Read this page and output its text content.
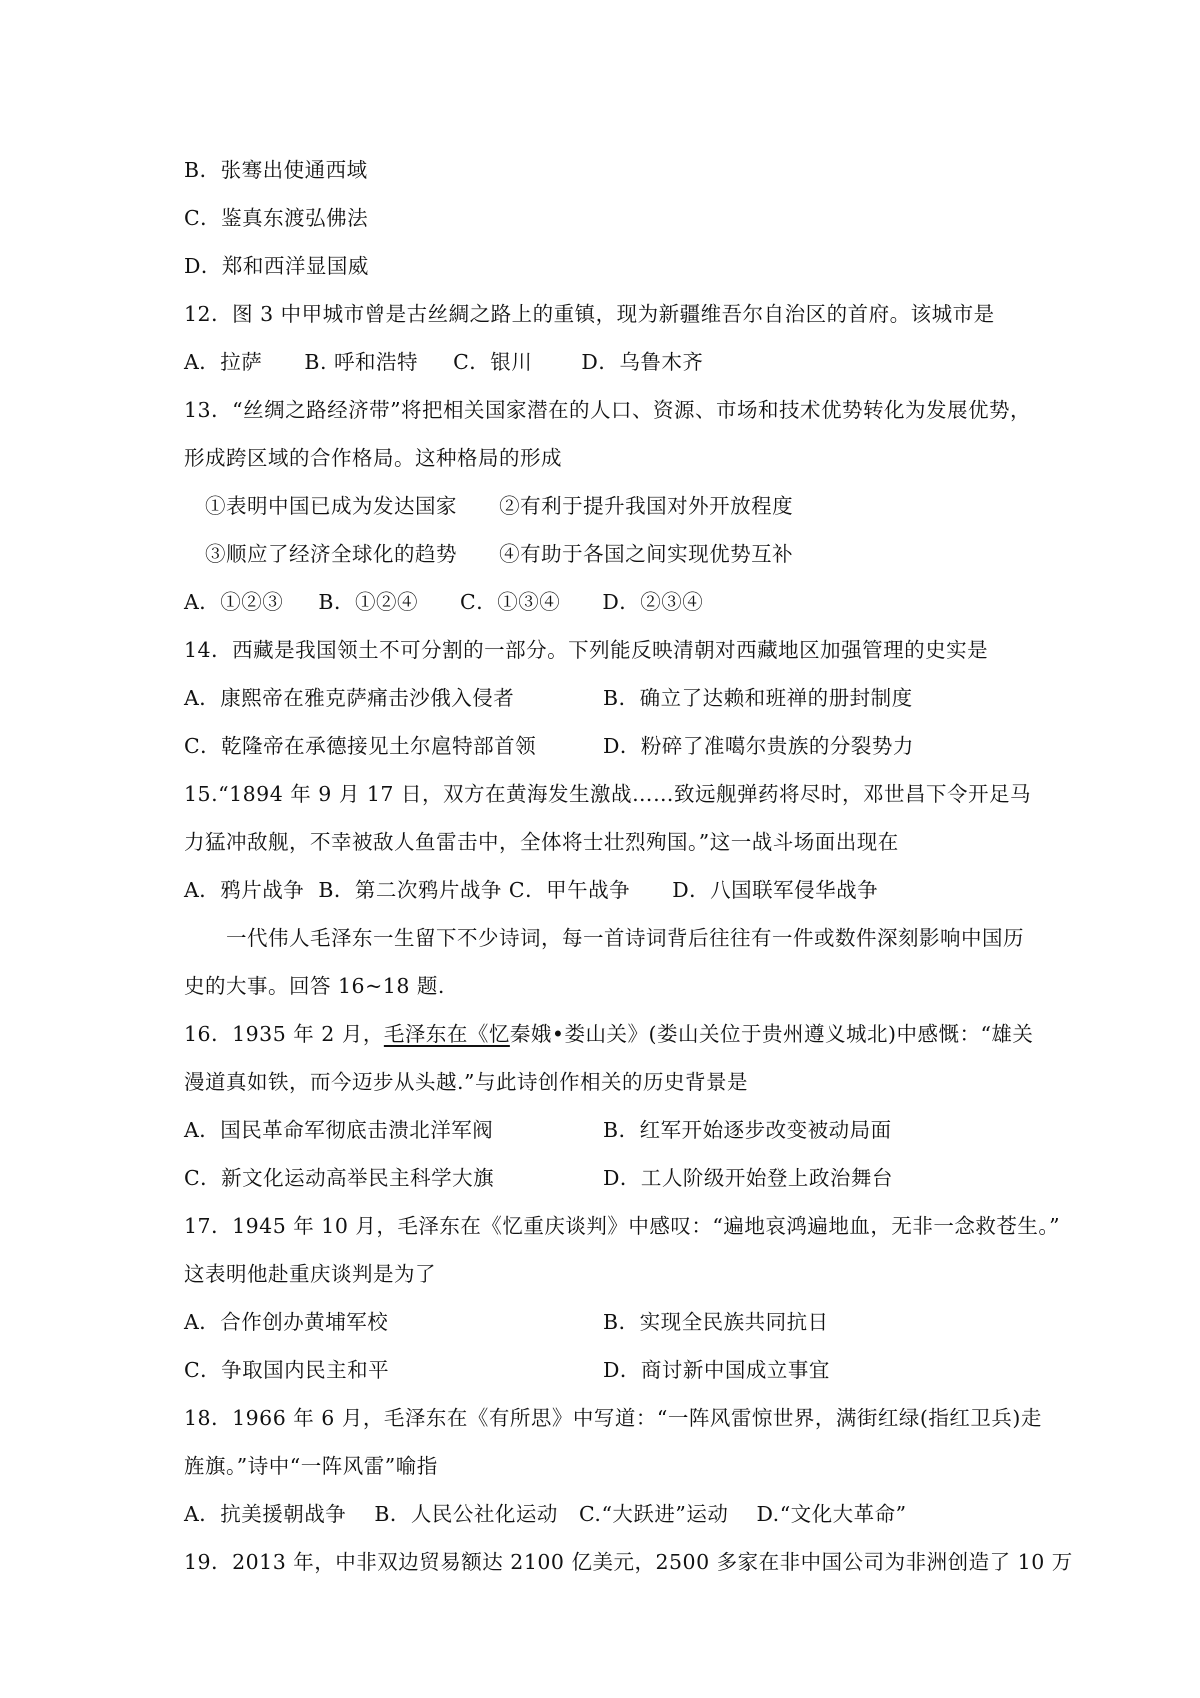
B．张骞出使通西域
C．鉴真东渡弘佛法
D．郑和西洋显国威
12．图 3 中甲城市曾是古丝綢之路上的重镇，现为新疆维吾尔自治区的首府。该城市是
A．拉萨      B. 呼和浩特     C．银川       D．乌鲁木齐
13．“丝绸之路经济带”将把相关国家潜在的人口、资源、市场和技术优势转化为发展优势，
形成跨区域的合作格局。这种格局的形成
①表明中国已成为发达国家      ②有利于提升我国对外开放程度
③顺应了经济全球化的趋势      ④有助于各国之间实现优势互补
A．①②③     B．①②④      C．①③④      D．②③④
14．西藏是我国领土不可分割的一部分。下列能反映清朝对西藏地区加强管理的史实是
A．康熙帝在雅克萨痛击沙俄入侵者	B．确立了达赖和班禅的册封制度
C．乾隆帝在承德接见土尔扈特部首领	D．粉碎了准噶尔贵族的分裂势力
15.“1894 年 9 月 17 日，双方在黄海发生激战……致远舰弹药将尽时，邓世昌下令开足马
力猛冲敌舰，不幸被敌人鱼雷击中，全体将士壮烈殉国。”这一战斗场面出现在
A．鸦片战争  B．第二次鸦片战争 C．甲午战争      D．八国联军侵华战争
一代伟人毛泽东一生留下不少诗词，每一首诗词背后往往有一件或数件深刻影响中国历
史的大事。回答 16~18 题.
16．1935 年 2 月，毛泽东在《忆秦娥•娄山关》(娄山关位于贵州遵义城北)中感慨：“雄关
漫道真如铁，而今迈步从头越.”与此诗创作相关的历史背景是
A．国民革命军彻底击溃北洋军阀	B．红军开始逐步改变被动局面
C．新文化运动高举民主科学大旗	D．工人阶级开始登上政治舞台
17．1945 年 10 月，毛泽东在《忆重庆谈判》中感叹：“遍地哀鸿遍地血，无非一念救苍生。”
这表明他赴重庆谈判是为了
A．合作创办黄埔军校	B．实现全民族共同抗日
C．争取国内民主和平	D．商讨新中国成立事宜
18．1966 年 6 月，毛泽东在《有所思》中写道：“一阵风雷惊世界，满街红绿(指红卫兵)走
旌旗。”诗中“一阵风雷”喻指
A．抗美援朝战争    B．人民公社化运动   C.“大跃进”运动    D.“文化大革命”
19．2013 年，中非双边贸易额达 2100 亿美元，2500 多家在非中国公司为非洲创造了 10 万
